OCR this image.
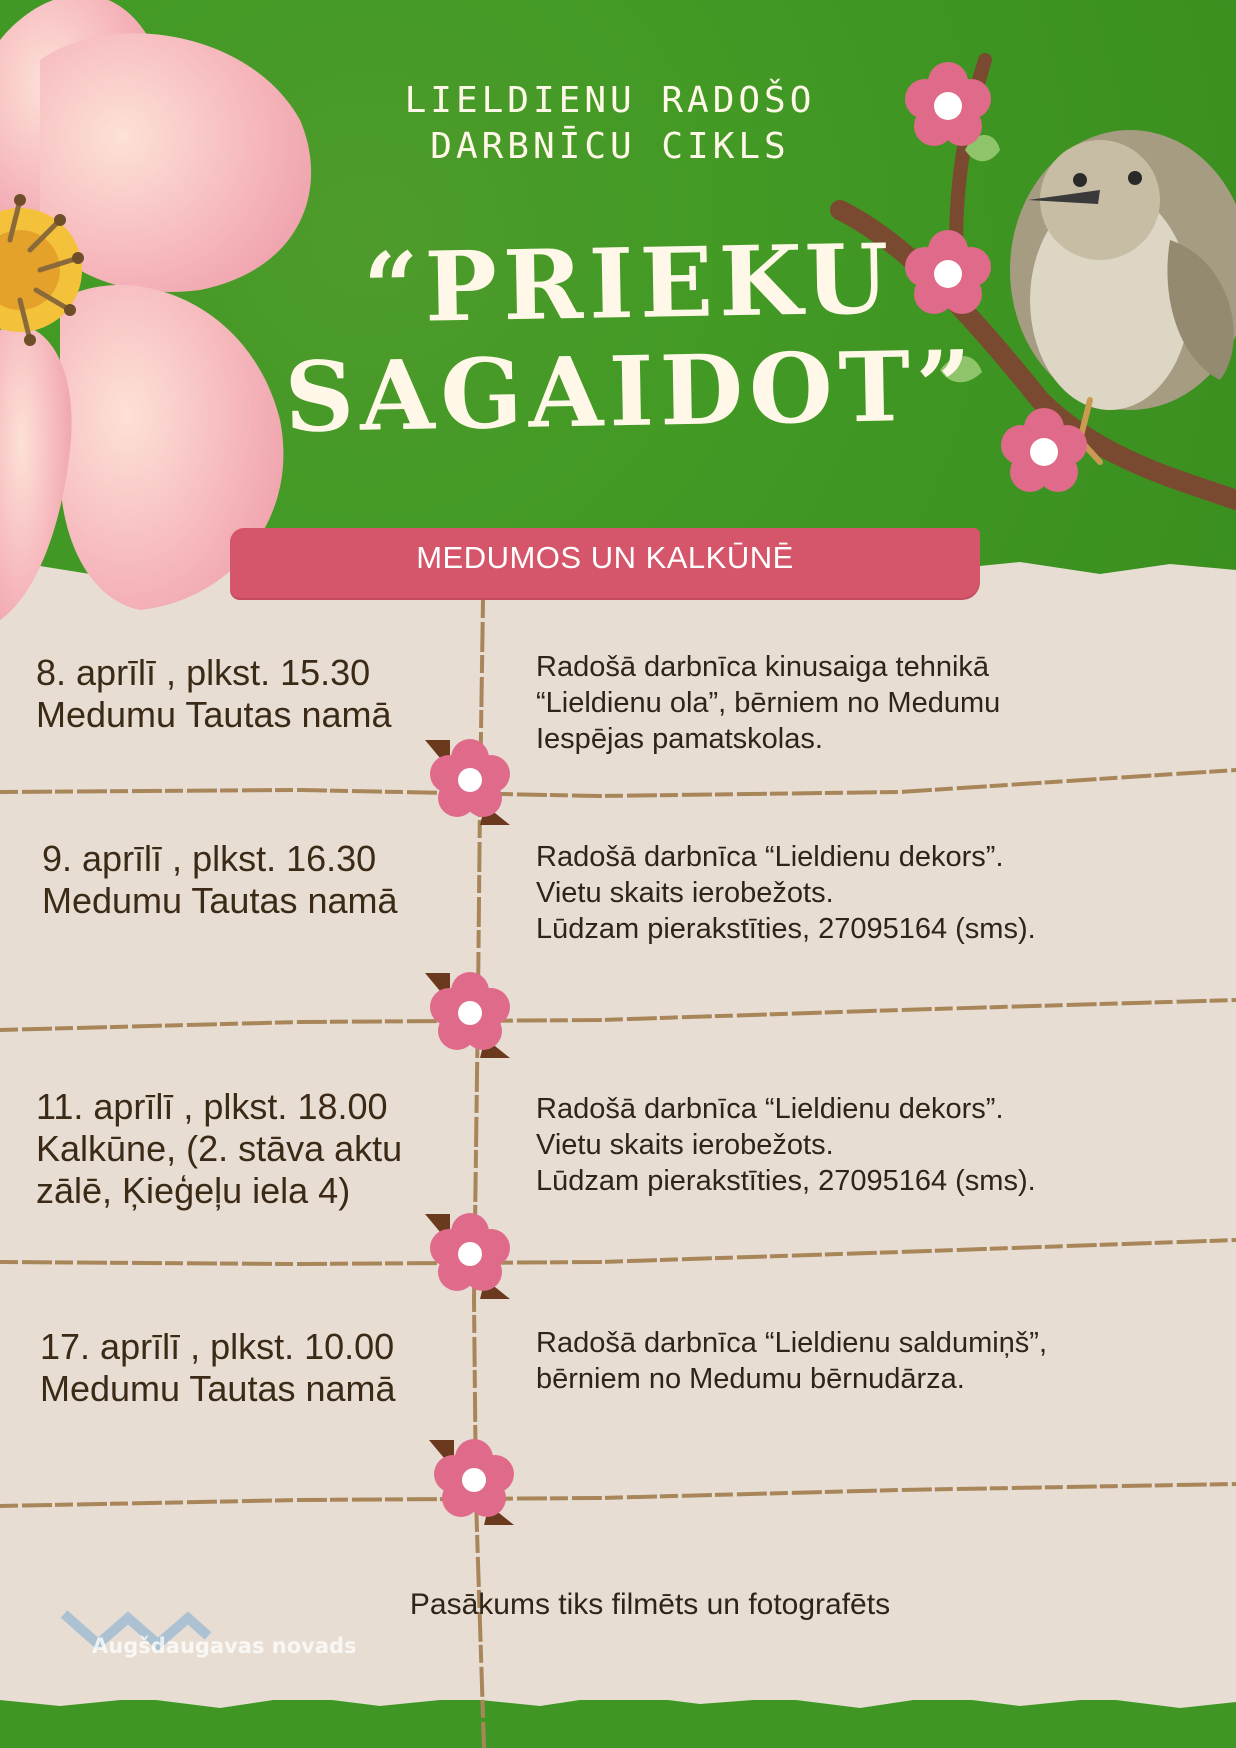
LIELDIENU RADOŠO
DARBNĪCU CIKLS
“PRIEKU
SAGAIDOT”
MEDUMOS UN KALKŪNĒ
8. aprīlī , plkst. 15.30
Medumu Tautas namā
Radošā darbnīca kinusaiga tehnikā
“Lieldienu ola”, bērniem no Medumu
Iespējas pamatskolas.
9. aprīlī , plkst. 16.30
Medumu Tautas namā
Radošā darbnīca “Lieldienu dekors”.
Vietu skaits ierobežots.
Lūdzam pierakstīties, 27095164 (sms).
11. aprīlī , plkst. 18.00
Kalkūne, (2. stāva aktu
zālē, Ķieģeļu iela 4)
Radošā darbnīca “Lieldienu dekors”.
Vietu skaits ierobežots.
Lūdzam pierakstīties, 27095164 (sms).
17. aprīlī , plkst. 10.00
Medumu Tautas namā
Radošā darbnīca “Lieldienu saldumiņš”,
bērniem no Medumu bērnudārza.
Pasākums tiks filmēts un fotografēts
Augšdaugavas novads
